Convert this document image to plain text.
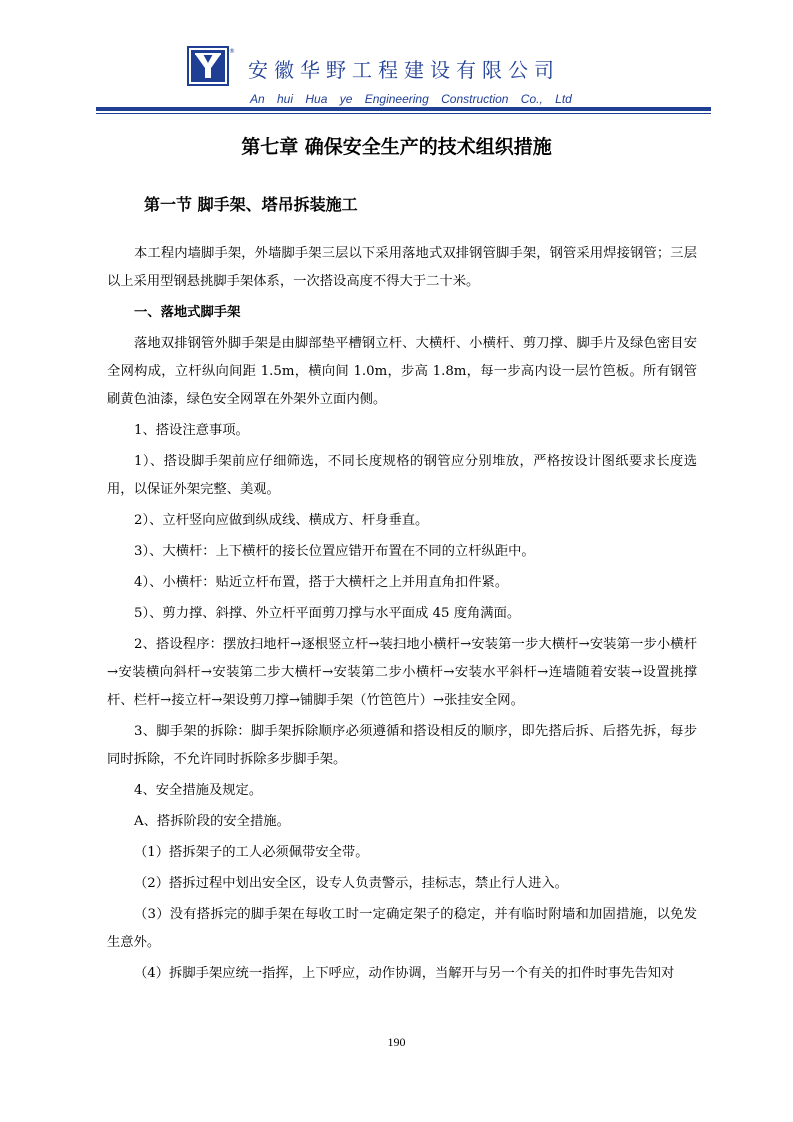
®
安徽华野工程建设有限公司
An hui Hua ye Engineering Construction Co., Ltd
第七章 确保安全生产的技术组织措施
第一节 脚手架、塔吊拆装施工

本工程内墙脚手架，外墙脚手架三层以下采用落地式双排钢管脚手架，钢管采用焊接钢管；三层以上采用型钢悬挑脚手架体系，一次搭设高度不得大于二十米。

一、落地式脚手架

落地双排钢管外脚手架是由脚部垫平槽钢立杆、大横杆、小横杆、剪刀撑、脚手片及绿色密目安全网构成，立杆纵向间距 1.5m，横向间 1.0m，步高 1.8m，每一步高内设一层竹笆板。所有钢管刷黄色油漆，绿色安全网罩在外架外立面内侧。

1、搭设注意事项。

1）、搭设脚手架前应仔细筛选，不同长度规格的钢管应分别堆放，严格按设计图纸要求长度选用，以保证外架完整、美观。

2）、立杆竖向应做到纵成线、横成方、杆身垂直。

3）、大横杆：上下横杆的接长位置应错开布置在不同的立杆纵距中。

4）、小横杆：贴近立杆布置，搭于大横杆之上并用直角扣件紧。

5）、剪力撑、斜撑、外立杆平面剪刀撑与水平面成 45 度角满面。

2、搭设程序：摆放扫地杆→逐根竖立杆→装扫地小横杆→安装第一步大横杆→安装第一步小横杆→安装横向斜杆→安装第二步大横杆→安装第二步小横杆→安装水平斜杆→连墙随着安装→设置挑撑杆、栏杆→接立杆→架设剪刀撑→铺脚手架（竹笆笆片）→张挂安全网。

3、脚手架的拆除：脚手架拆除顺序必须遵循和搭设相反的顺序，即先搭后拆、后搭先拆，每步同时拆除，不允许同时拆除多步脚手架。

4、安全措施及规定。

A、搭拆阶段的安全措施。

（1）搭拆架子的工人必须佩带安全带。

（2）搭拆过程中划出安全区，设专人负责警示，挂标志，禁止行人进入。

（3）没有搭拆完的脚手架在每收工时一定确定架子的稳定，并有临时附墙和加固措施，以免发生意外。

（4）拆脚手架应统一指挥，上下呼应，动作协调，当解开与另一个有关的扣件时事先告知对

190
